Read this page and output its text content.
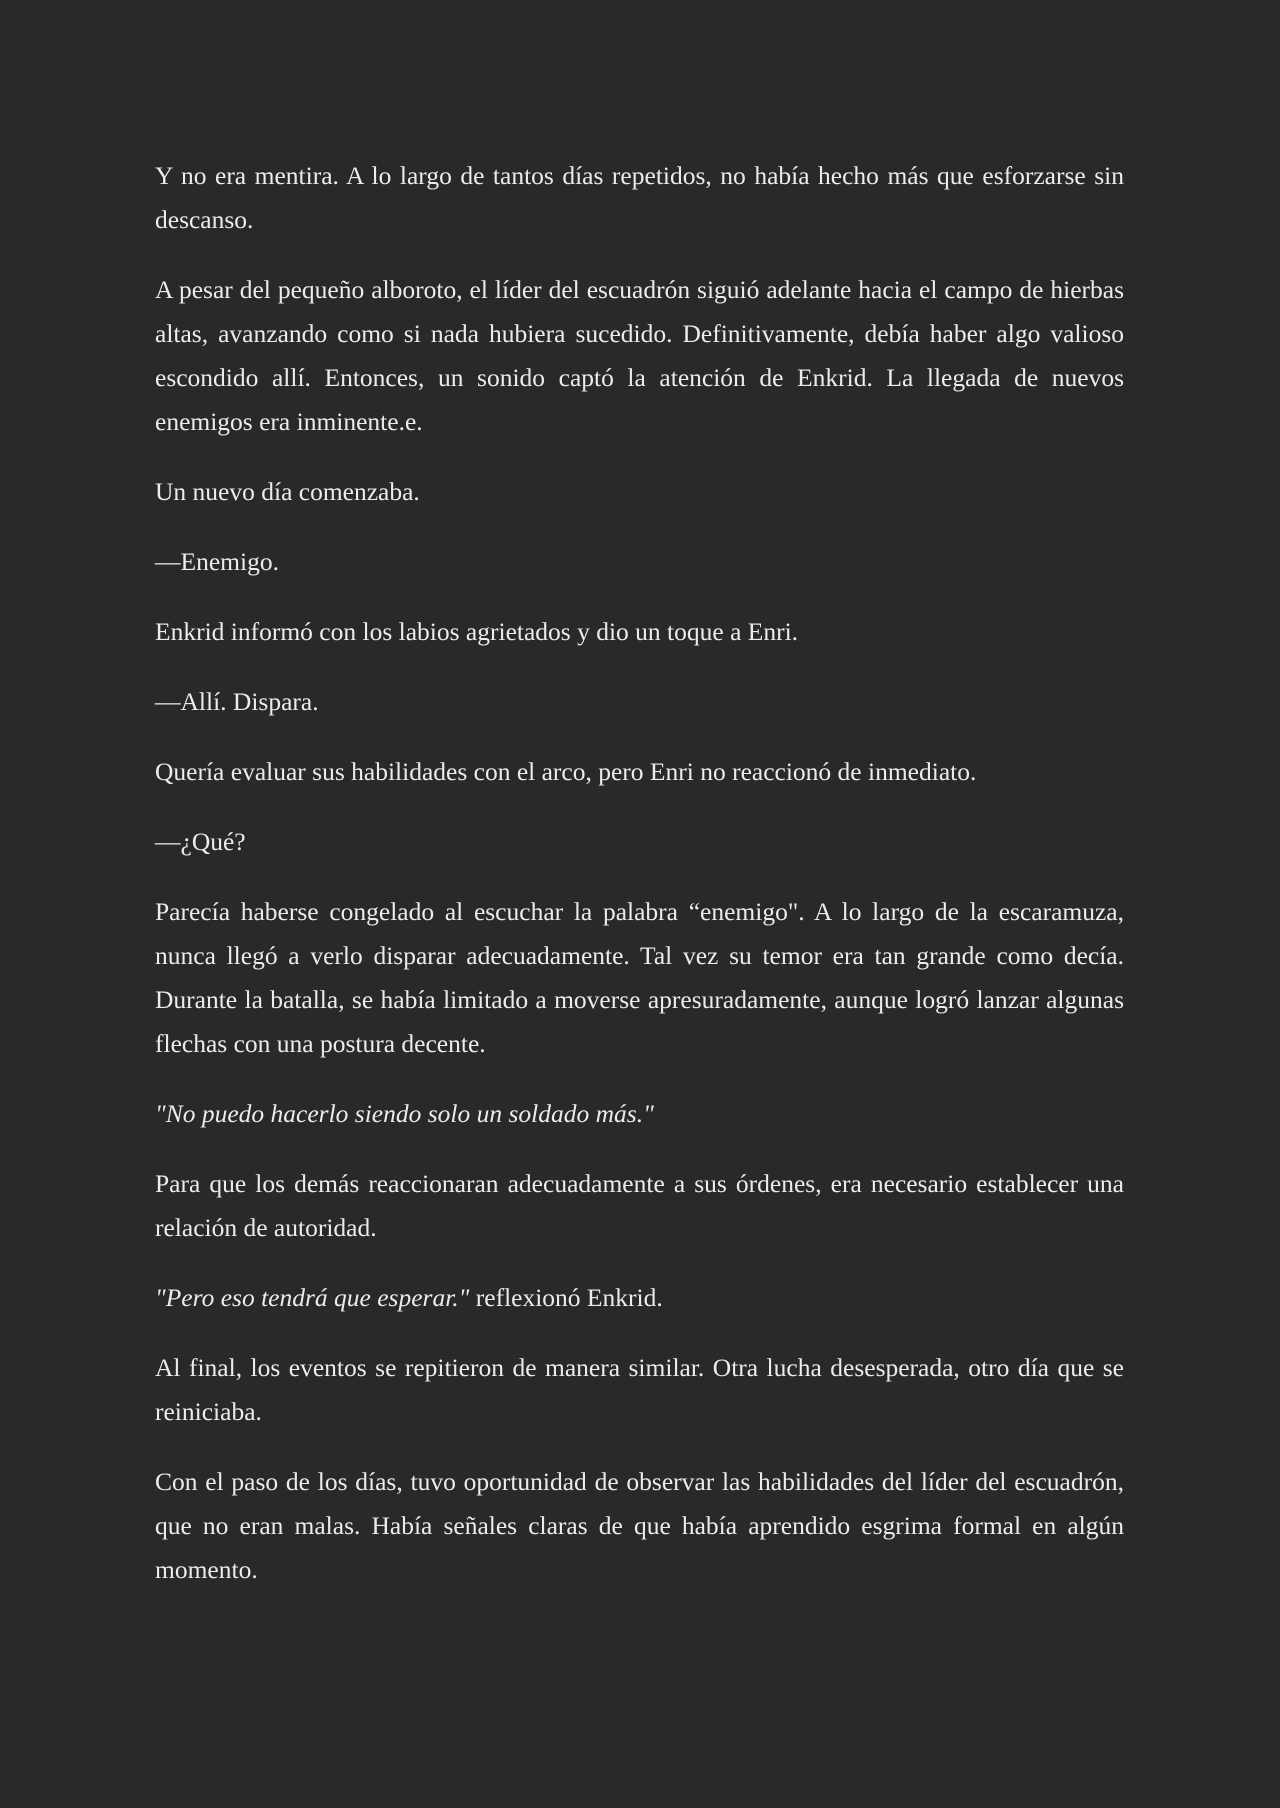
Y no era mentira. A lo largo de tantos días repetidos, no había hecho más que esforzarse sin descanso.

A pesar del pequeño alboroto, el líder del escuadrón siguió adelante hacia el campo de hierbas altas, avanzando como si nada hubiera sucedido. Definitivamente, debía haber algo valioso escondido allí. Entonces, un sonido captó la atención de Enkrid. La llegada de nuevos enemigos era inminente.e.

Un nuevo día comenzaba.

—Enemigo.

Enkrid informó con los labios agrietados y dio un toque a Enri.

—Allí. Dispara.

Quería evaluar sus habilidades con el arco, pero Enri no reaccionó de inmediato.

—¿Qué?

Parecía haberse congelado al escuchar la palabra “enemigo". A lo largo de la escaramuza, nunca llegó a verlo disparar adecuadamente. Tal vez su temor era tan grande como decía. Durante la batalla, se había limitado a moverse apresuradamente, aunque logró lanzar algunas flechas con una postura decente.

"No puedo hacerlo siendo solo un soldado más."

Para que los demás reaccionaran adecuadamente a sus órdenes, era necesario establecer una relación de autoridad.

"Pero eso tendrá que esperar." reflexionó Enkrid.

Al final, los eventos se repitieron de manera similar. Otra lucha desesperada, otro día que se reiniciaba.

Con el paso de los días, tuvo oportunidad de observar las habilidades del líder del escuadrón, que no eran malas. Había señales claras de que había aprendido esgrima formal en algún momento.
